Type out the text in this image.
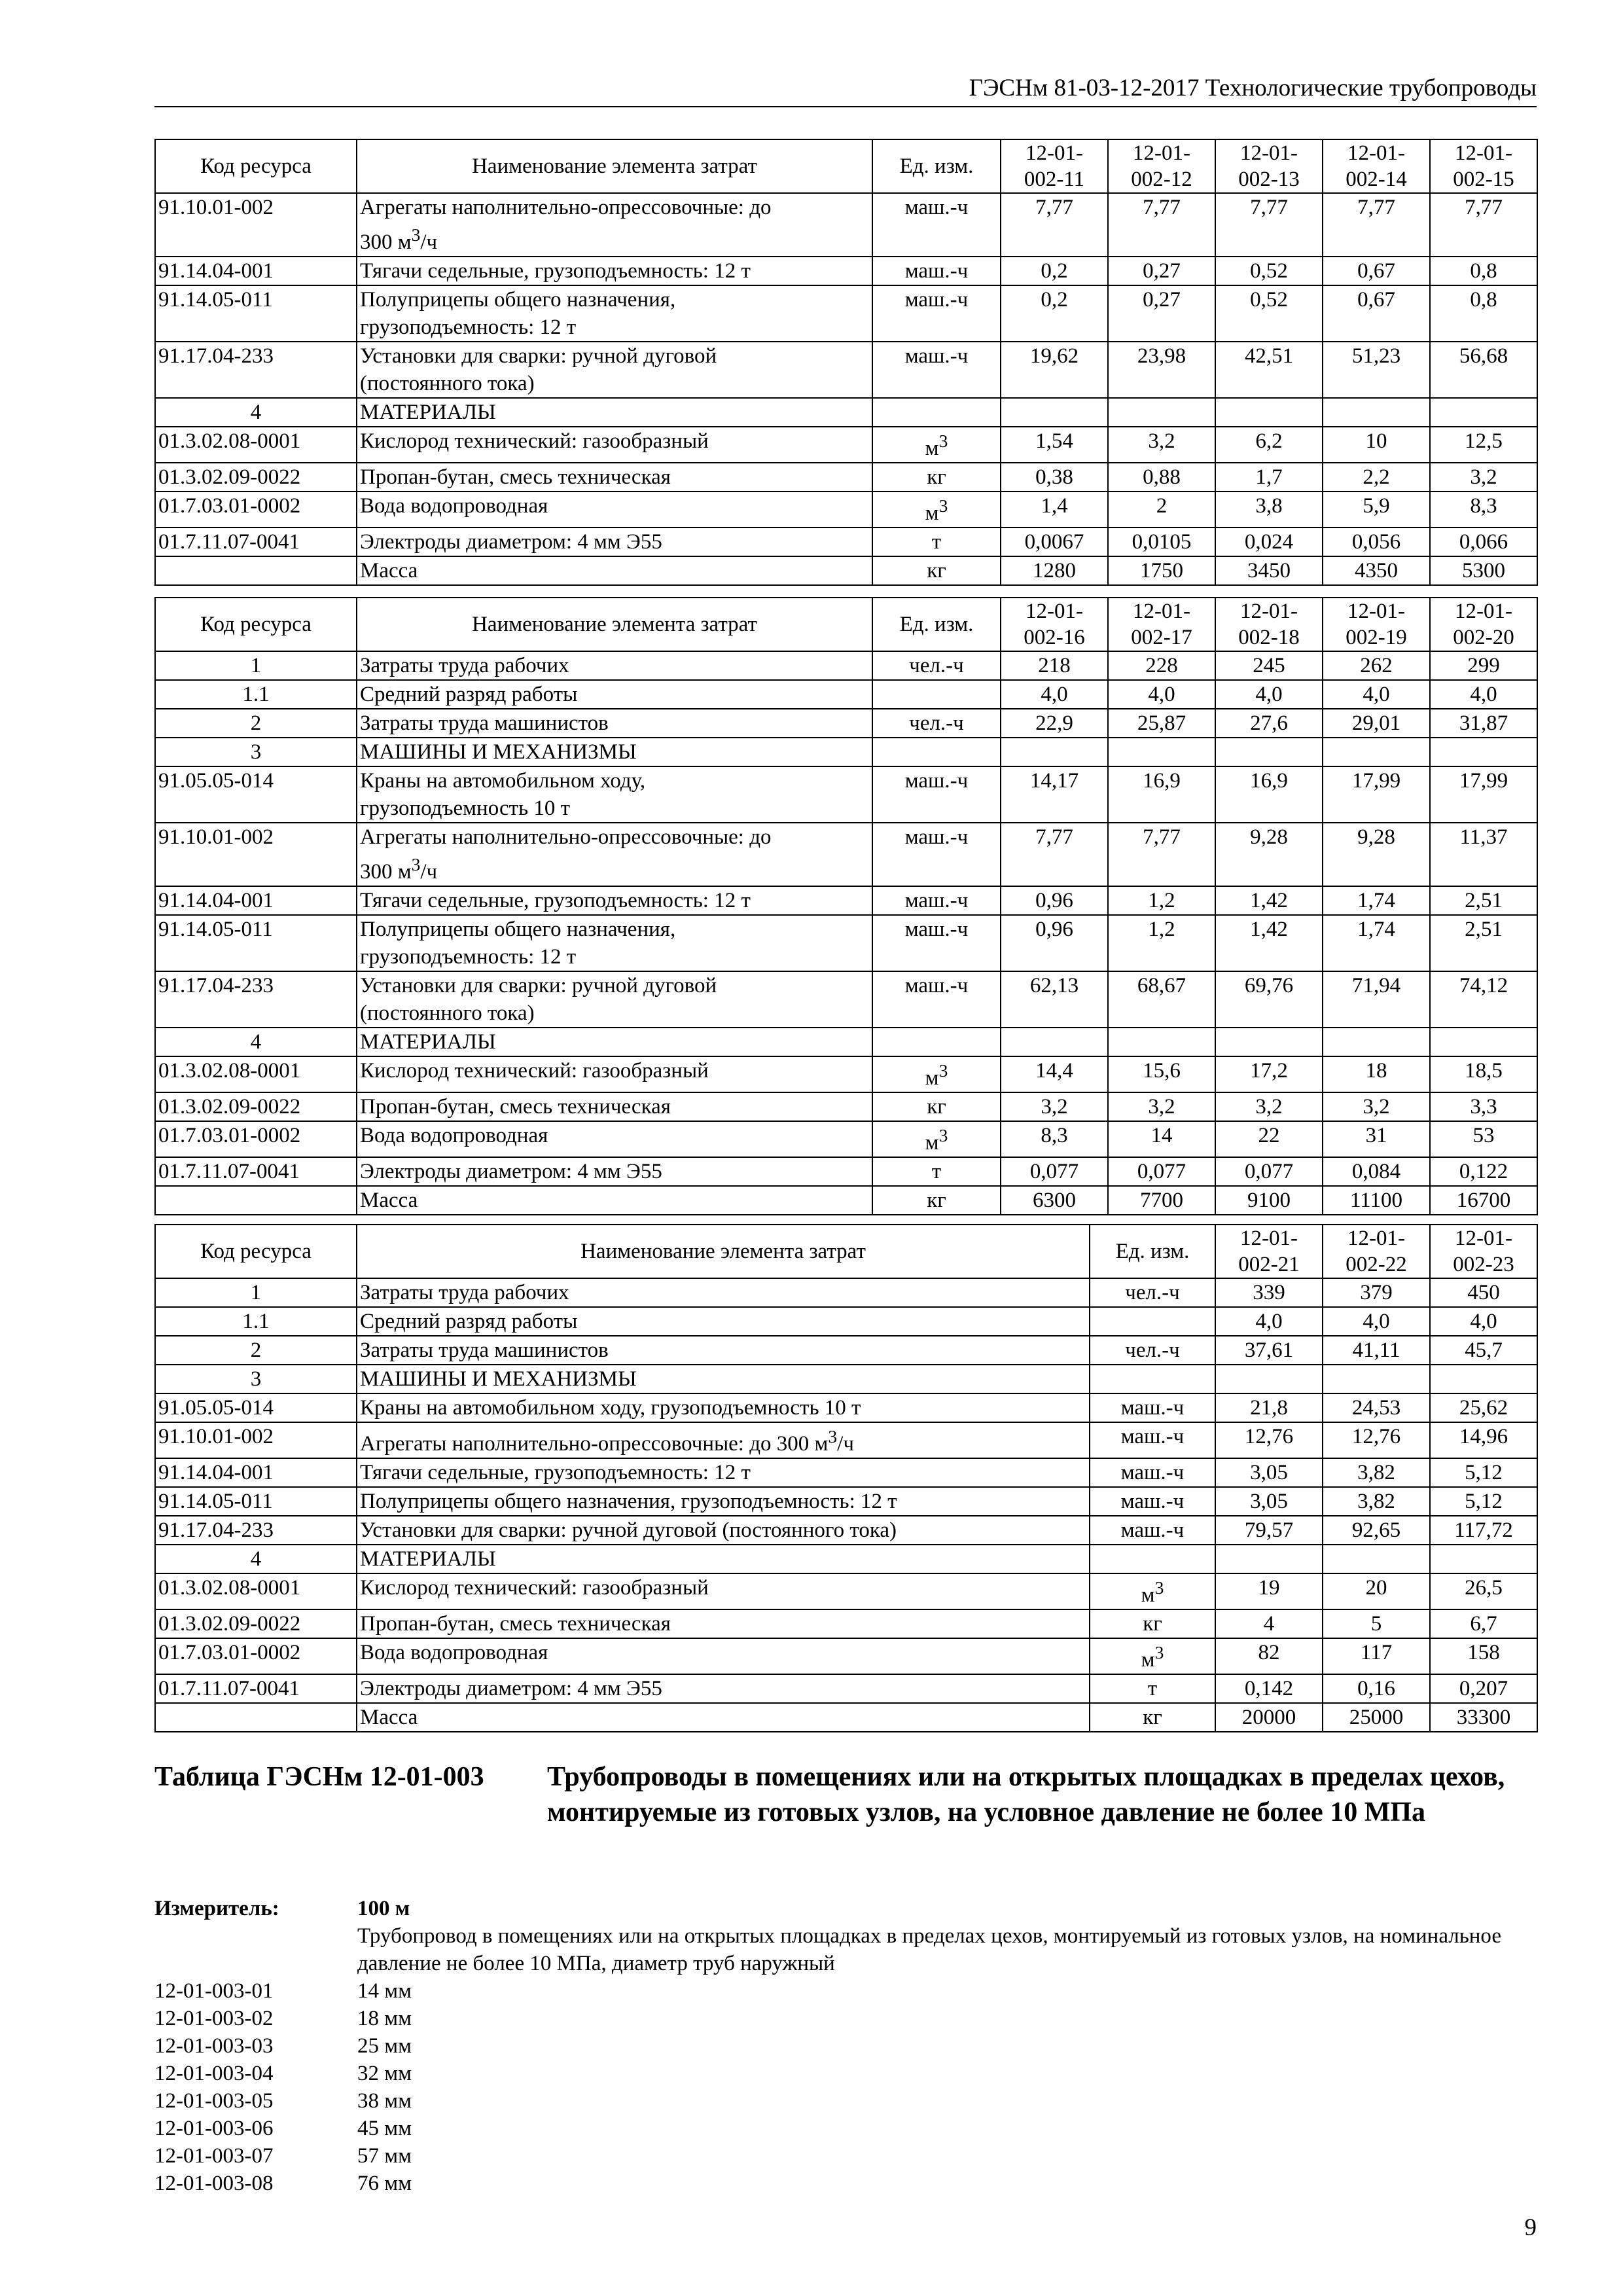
ГЭСНм 81-03-12-2017 Технологические трубопроводы
Код ресурса	Наименование элемента затрат	Ед. изм.	12-01-
002-11	12-01-
002-12	12-01-
002-13	12-01-
002-14	12-01-
002-15
91.10.01-002	Агрегаты наполнительно-опрессовочные: до
300 $м^3/ч$	маш.-ч	7,77	7,77	7,77	7,77	7,77
91.14.04-001	Тягачи седельные, грузоподъемность: 12 т	маш.-ч	0,2	0,27	0,52	0,67	0,8
91.14.05-011	Полуприцепы общего назначения,
грузоподъемность: 12 т	маш.-ч	0,2	0,27	0,52	0,67	0,8
91.17.04-233	Установки для сварки: ручной дуговой
(постоянного тока)	маш.-ч	19,62	23,98	42,51	51,23	56,68
4	МАТЕРИАЛЫ						
01.3.02.08-0001	Кислород технический: газообразный	$м^3$	1,54	3,2	6,2	10	12,5
01.3.02.09-0022	Пропан-бутан, смесь техническая	кг	0,38	0,88	1,7	2,2	3,2
01.7.03.01-0002	Вода водопроводная	$м^3$	1,4	2	3,8	5,9	8,3
01.7.11.07-0041	Электроды диаметром: 4 мм Э55	т	0,0067	0,0105	0,024	0,056	0,066
	Масса	кг	1280	1750	3450	4350	5300
Код ресурса	Наименование элемента затрат	Ед. изм.	12-01-
002-16	12-01-
002-17	12-01-
002-18	12-01-
002-19	12-01-
002-20
1	Затраты труда рабочих	чел.-ч	218	228	245	262	299
1.1	Средний разряд работы		4,0	4,0	4,0	4,0	4,0
2	Затраты труда машинистов	чел.-ч	22,9	25,87	27,6	29,01	31,87
3	МАШИНЫ И МЕХАНИЗМЫ						
91.05.05-014	Краны на автомобильном ходу,
грузоподъемность 10 т	маш.-ч	14,17	16,9	16,9	17,99	17,99
91.10.01-002	Агрегаты наполнительно-опрессовочные: до
300 $м^3/ч$	маш.-ч	7,77	7,77	9,28	9,28	11,37
91.14.04-001	Тягачи седельные, грузоподъемность: 12 т	маш.-ч	0,96	1,2	1,42	1,74	2,51
91.14.05-011	Полуприцепы общего назначения,
грузоподъемность: 12 т	маш.-ч	0,96	1,2	1,42	1,74	2,51
91.17.04-233	Установки для сварки: ручной дуговой
(постоянного тока)	маш.-ч	62,13	68,67	69,76	71,94	74,12
4	МАТЕРИАЛЫ						
01.3.02.08-0001	Кислород технический: газообразный	$м^3$	14,4	15,6	17,2	18	18,5
01.3.02.09-0022	Пропан-бутан, смесь техническая	кг	3,2	3,2	3,2	3,2	3,3
01.7.03.01-0002	Вода водопроводная	$м^3$	8,3	14	22	31	53
01.7.11.07-0041	Электроды диаметром: 4 мм Э55	т	0,077	0,077	0,077	0,084	0,122
	Масса	кг	6300	7700	9100	11100	16700
Код ресурса	Наименование элемента затрат	Ед. изм.	12-01-
002-21	12-01-
002-22	12-01-
002-23
1	Затраты труда рабочих	чел.-ч	339	379	450
1.1	Средний разряд работы		4,0	4,0	4,0
2	Затраты труда машинистов	чел.-ч	37,61	41,11	45,7
3	МАШИНЫ И МЕХАНИЗМЫ				
91.05.05-014	Краны на автомобильном ходу, грузоподъемность 10 т	маш.-ч	21,8	24,53	25,62
91.10.01-002	Агрегаты наполнительно-опрессовочные: до 300 $м^3/ч$	маш.-ч	12,76	12,76	14,96
91.14.04-001	Тягачи седельные, грузоподъемность: 12 т	маш.-ч	3,05	3,82	5,12
91.14.05-011	Полуприцепы общего назначения, грузоподъемность: 12 т	маш.-ч	3,05	3,82	5,12
91.17.04-233	Установки для сварки: ручной дуговой (постоянного тока)	маш.-ч	79,57	92,65	117,72
4	МАТЕРИАЛЫ				
01.3.02.08-0001	Кислород технический: газообразный	$м^3$	19	20	26,5
01.3.02.09-0022	Пропан-бутан, смесь техническая	кг	4	5	6,7
01.7.03.01-0002	Вода водопроводная	$м^3$	82	117	158
01.7.11.07-0041	Электроды диаметром: 4 мм Э55	т	0,142	0,16	0,207
	Масса	кг	20000	25000	33300
Таблица ГЭСНм 12-01-003 Трубопроводы в помещениях или на открытых площадках в пределах цехов, монтируемые из готовых узлов, на условное давление не более 10 МПа
Измеритель:	100 м
Трубопровод в помещениях или на открытых площадках в пределах цехов, монтируемый из готовых узлов, на номинальное давление не более 10 МПа, диаметр труб наружный
12-01-003-01	14 мм
12-01-003-02	18 мм
12-01-003-03	25 мм
12-01-003-04	32 мм
12-01-003-05	38 мм
12-01-003-06	45 мм
12-01-003-07	57 мм
12-01-003-08	76 мм
9
